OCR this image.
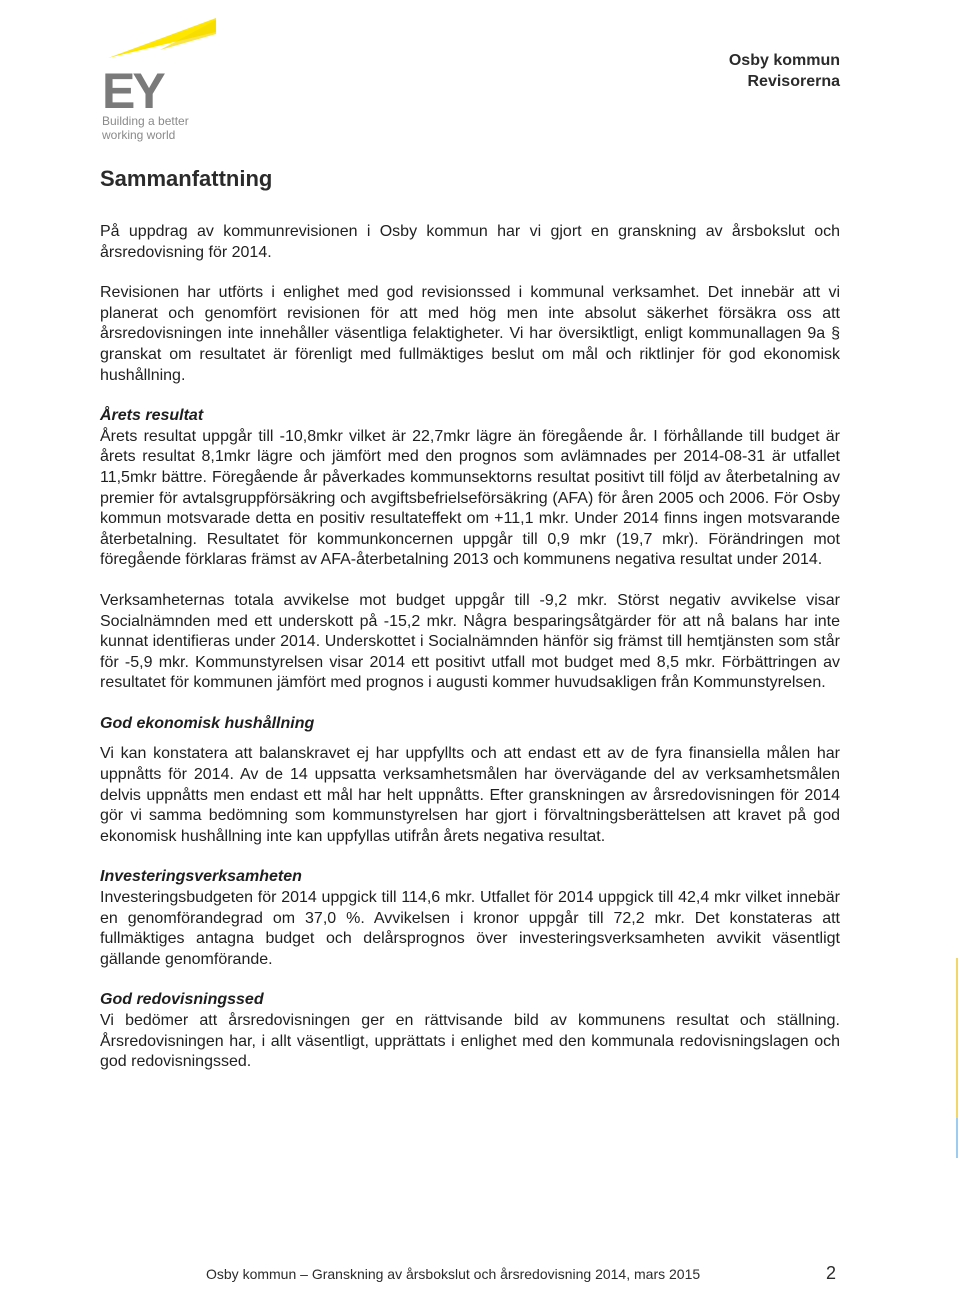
EY
Building a better
working world
Osby kommun
Revisorerna
Sammanfattning

På uppdrag av kommunrevisionen i Osby kommun har vi gjort en granskning av årsbokslut och årsredovisning för 2014.

Revisionen har utförts i enlighet med god revisionssed i kommunal verksamhet. Det innebär att vi planerat och genomfört revisionen för att med hög men inte absolut säkerhet försäkra oss att årsredovisningen inte innehåller väsentliga felaktigheter. Vi har översiktligt, enligt kommunallagen 9a § granskat om resultatet är förenligt med fullmäktiges beslut om mål och riktlinjer för god ekonomisk hushållning.

Årets resultat

Årets resultat uppgår till -10,8mkr vilket är 22,7mkr lägre än föregående år. I förhållande till budget är årets resultat 8,1mkr lägre och jämfört med den prognos som avlämnades per 2014-08-31 är utfallet 11,5mkr bättre. Föregående år påverkades kommunsektorns resultat positivt till följd av återbetalning av premier för avtalsgruppförsäkring och avgiftsbefrielseförsäkring (AFA) för åren 2005 och 2006. För Osby kommun motsvarade detta en positiv resultateffekt om +11,1 mkr. Under 2014 finns ingen motsvarande återbetalning. Resultatet för kommunkoncernen uppgår till 0,9 mkr (19,7 mkr). Förändringen mot föregående förklaras främst av AFA-återbetalning 2013 och kommunens negativa resultat under 2014.

Verksamheternas totala avvikelse mot budget uppgår till -9,2 mkr. Störst negativ avvikelse visar Socialnämnden med ett underskott på -15,2 mkr. Några besparingsåtgärder för att nå balans har inte kunnat identifieras under 2014. Underskottet i Socialnämnden hänför sig främst till hemtjänsten som står för -5,9 mkr. Kommunstyrelsen visar 2014 ett positivt utfall mot budget med 8,5 mkr. Förbättringen av resultatet för kommunen jämfört med prognos i augusti kommer huvudsakligen från Kommunstyrelsen.

God ekonomisk hushållning

Vi kan konstatera att balanskravet ej har uppfyllts och att endast ett av de fyra finansiella målen har uppnåtts för 2014. Av de 14 uppsatta verksamhetsmålen har övervägande del av verksamhetsmålen delvis uppnåtts men endast ett mål har helt uppnåtts. Efter granskningen av årsredovisningen för 2014 gör vi samma bedömning som kommunstyrelsen har gjort i förvaltningsberättelsen att kravet på god ekonomisk hushållning inte kan uppfyllas utifrån årets negativa resultat.

Investeringsverksamheten

Investeringsbudgeten för 2014 uppgick till 114,6 mkr. Utfallet för 2014 uppgick till 42,4 mkr vilket innebär en genomförandegrad om 37,0 %. Avvikelsen i kronor uppgår till 72,2 mkr. Det konstateras att fullmäktiges antagna budget och delårsprognos över investeringsverksamheten avvikit väsentligt gällande genomförande.

God redovisningssed

Vi bedömer att årsredovisningen ger en rättvisande bild av kommunens resultat och ställning. Årsredovisningen har, i allt väsentligt, upprättats i enlighet med den kommunala redovisningslagen och god redovisningssed.

Osby kommun – Granskning av årsbokslut och årsredovisning 2014, mars 2015	2
